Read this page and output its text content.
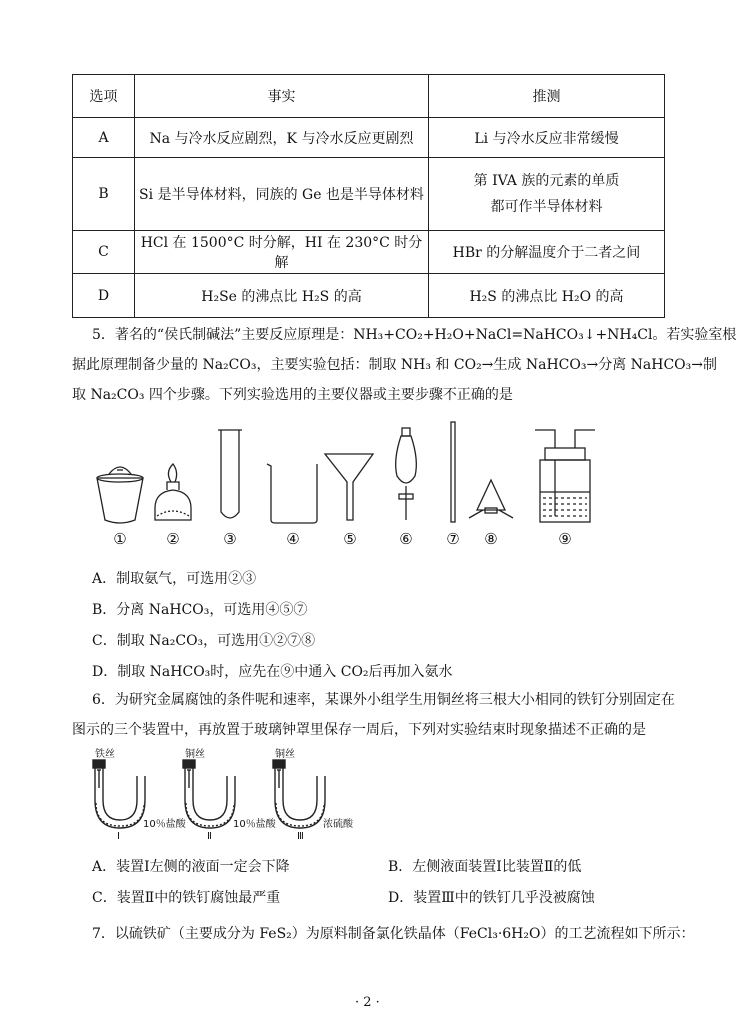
选项	事实	推测
A	Na 与冷水反应剧烈，K 与冷水反应更剧烈	Li 与冷水反应非常缓慢
B	Si 是半导体材料，同族的 Ge 也是半导体材料	第 IVA 族的元素的单质
都可作半导体材料

C	HCl 在 1500°C 时分解，HI 在 230°C 时分解	HBr 的分解温度介于二者之间
D	H₂Se 的沸点比 H₂S 的高	H₂S 的沸点比 H₂O 的高
5．著名的“侯氏制碱法”主要反应原理是：NH₃+CO₂+H₂O+NaCl=NaHCO₃↓+NH₄Cl。若实验室根
据此原理制备少量的 Na₂CO₃，主要实验包括：制取 NH₃ 和 CO₂→生成 NaHCO₃→分离 NaHCO₃→制
取 Na₂CO₃ 四个步骤。下列实验选用的主要仪器或主要步骤不正确的是
①	②	③	④	⑤	⑥ ⑦ ⑧	⑨
A．制取氨气，可选用②③
B．分离 NaHCO₃，可选用④⑤⑦
C．制取 Na₂CO₃，可选用①②⑦⑧
D．制取 NaHCO₃时，应先在⑨中通入 CO₂后再加入氨水
6．为研究金属腐蚀的条件呢和速率，某课外小组学生用铜丝将三根大小相同的铁钉分别固定在
图示的三个装置中，再放置于玻璃钟罩里保存一周后，下列对实验结束时现象描述不正确的是
铁丝	铜丝	铜丝
10％盐酸	10％盐酸	浓硫酸
Ⅰ	Ⅱ	Ⅲ
A．装置Ⅰ左侧的液面一定会下降	B．左侧液面装置Ⅰ比装置Ⅱ的低
C．装置Ⅱ中的铁钉腐蚀最严重	D．装置Ⅲ中的铁钉几乎没被腐蚀
7．以硫铁矿（主要成分为 FeS₂）为原料制备氯化铁晶体（FeCl₃·6H₂O）的工艺流程如下所示：
· 2 ·
